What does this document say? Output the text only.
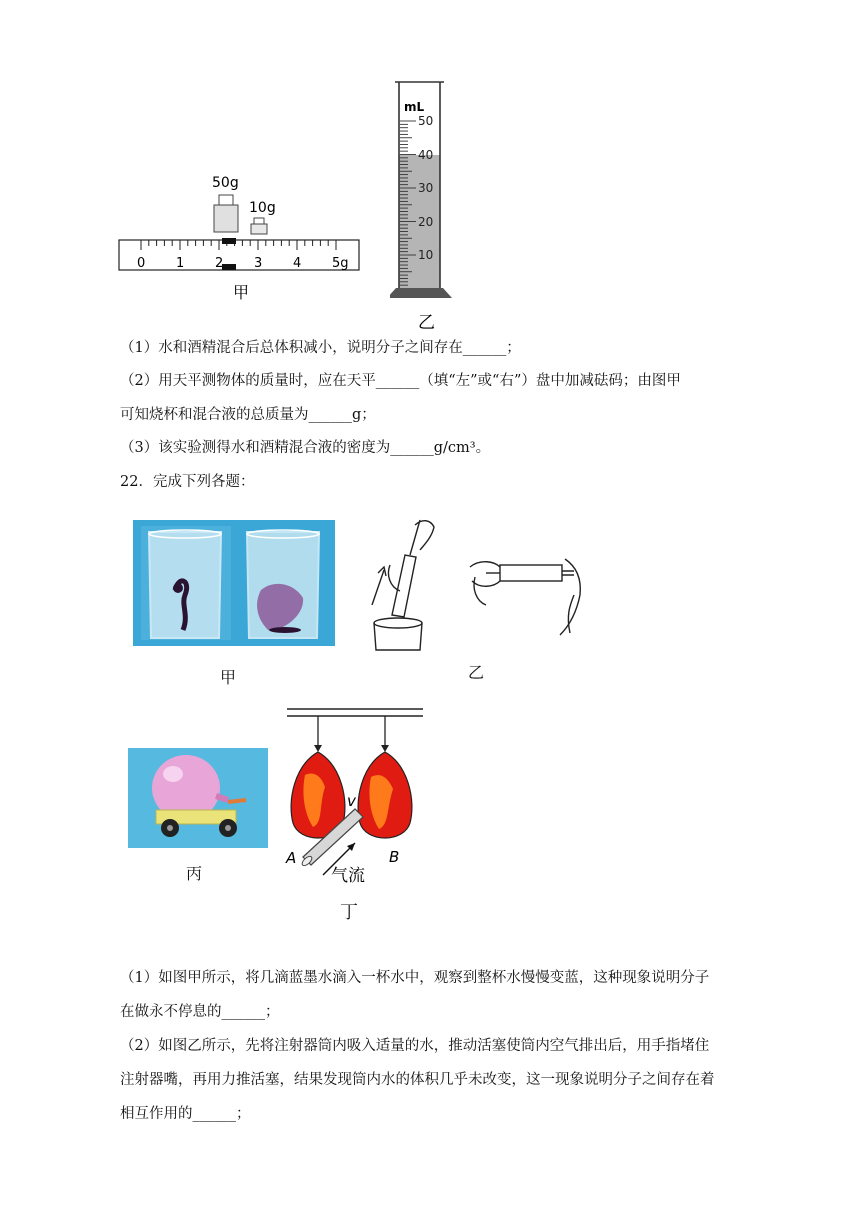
50g
10g
0 1 2 3 4 5g
甲
mL
50
40
30
20
10
乙
（1）水和酒精混合后总体积减小，说明分子之间存在______；
（2）用天平测物体的质量时，应在天平______（填“左”或“右”）盘中加减砝码；由图甲
可知烧杯和混合液的总质量为______g；
（3）该实验测得水和酒精混合液的密度为______g/cm³。
22．完成下列各题：
甲	乙
丙
v
A	B
气流
丁
（1）如图甲所示，将几滴蓝墨水滴入一杯水中，观察到整杯水慢慢变蓝，这种现象说明分子
在做永不停息的______；
（2）如图乙所示，先将注射器筒内吸入适量的水，推动活塞使筒内空气排出后，用手指堵住
注射器嘴，再用力推活塞，结果发现筒内水的体积几乎未改变，这一现象说明分子之间存在着
相互作用的______；
